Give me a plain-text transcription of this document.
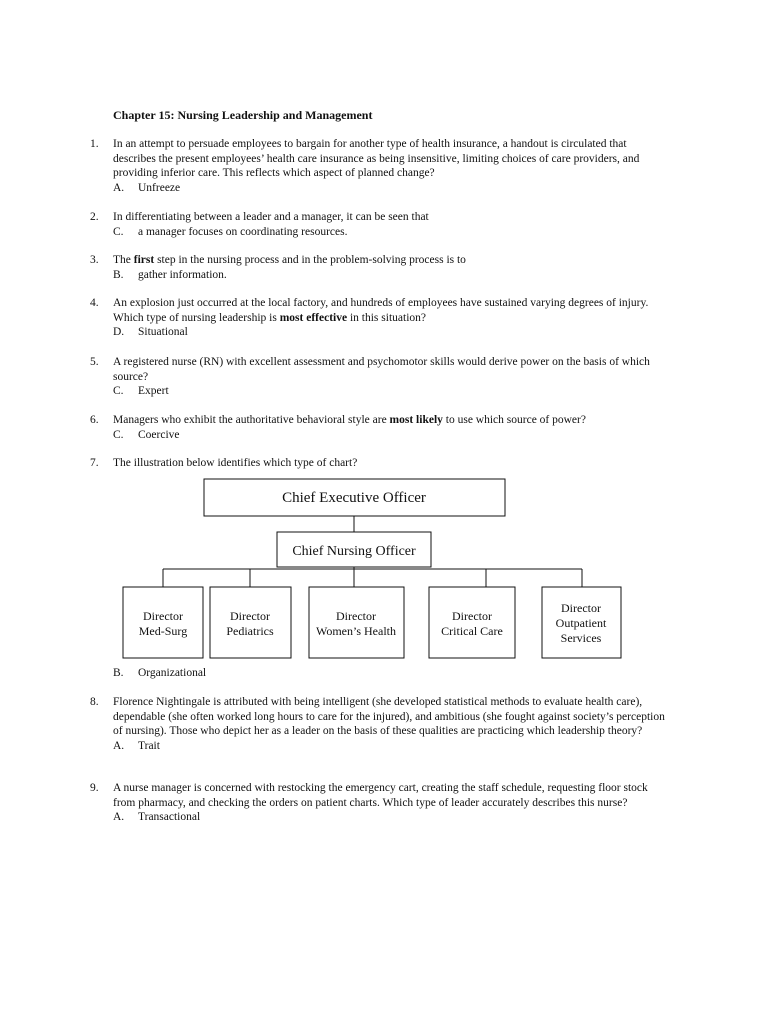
Chapter 15: Nursing Leadership and Management
1. In an attempt to persuade employees to bargain for another type of health insurance, a handout is circulated that describes the present employees’ health care insurance as being insensitive, limiting choices of care providers, and providing inferior care. This reflects which aspect of planned change?
A. Unfreeze
2. In differentiating between a leader and a manager, it can be seen that
C. a manager focuses on coordinating resources.
3. The first step in the nursing process and in the problem-solving process is to
B. gather information.
4. An explosion just occurred at the local factory, and hundreds of employees have sustained varying degrees of injury. Which type of nursing leadership is most effective in this situation?
D. Situational
5. A registered nurse (RN) with excellent assessment and psychomotor skills would derive power on the basis of which source?
C. Expert
6. Managers who exhibit the authoritative behavioral style are most likely to use which source of power?
C. Coercive
7. The illustration below identifies which type of chart?
Chief Executive Officer
Chief Nursing Officer
Director
Med-Surg
Director
Pediatrics
Director
Women’s Health
Director
Critical Care
Director
Outpatient
Services
B. Organizational
8. Florence Nightingale is attributed with being intelligent (she developed statistical methods to evaluate health care), dependable (she often worked long hours to care for the injured), and ambitious (she fought against society’s perception of nursing). Those who depict her as a leader on the basis of these qualities are practicing which leadership theory?
A. Trait
9. A nurse manager is concerned with restocking the emergency cart, creating the staff schedule, requesting floor stock from pharmacy, and checking the orders on patient charts. Which type of leader accurately describes this nurse?
A. Transactional
